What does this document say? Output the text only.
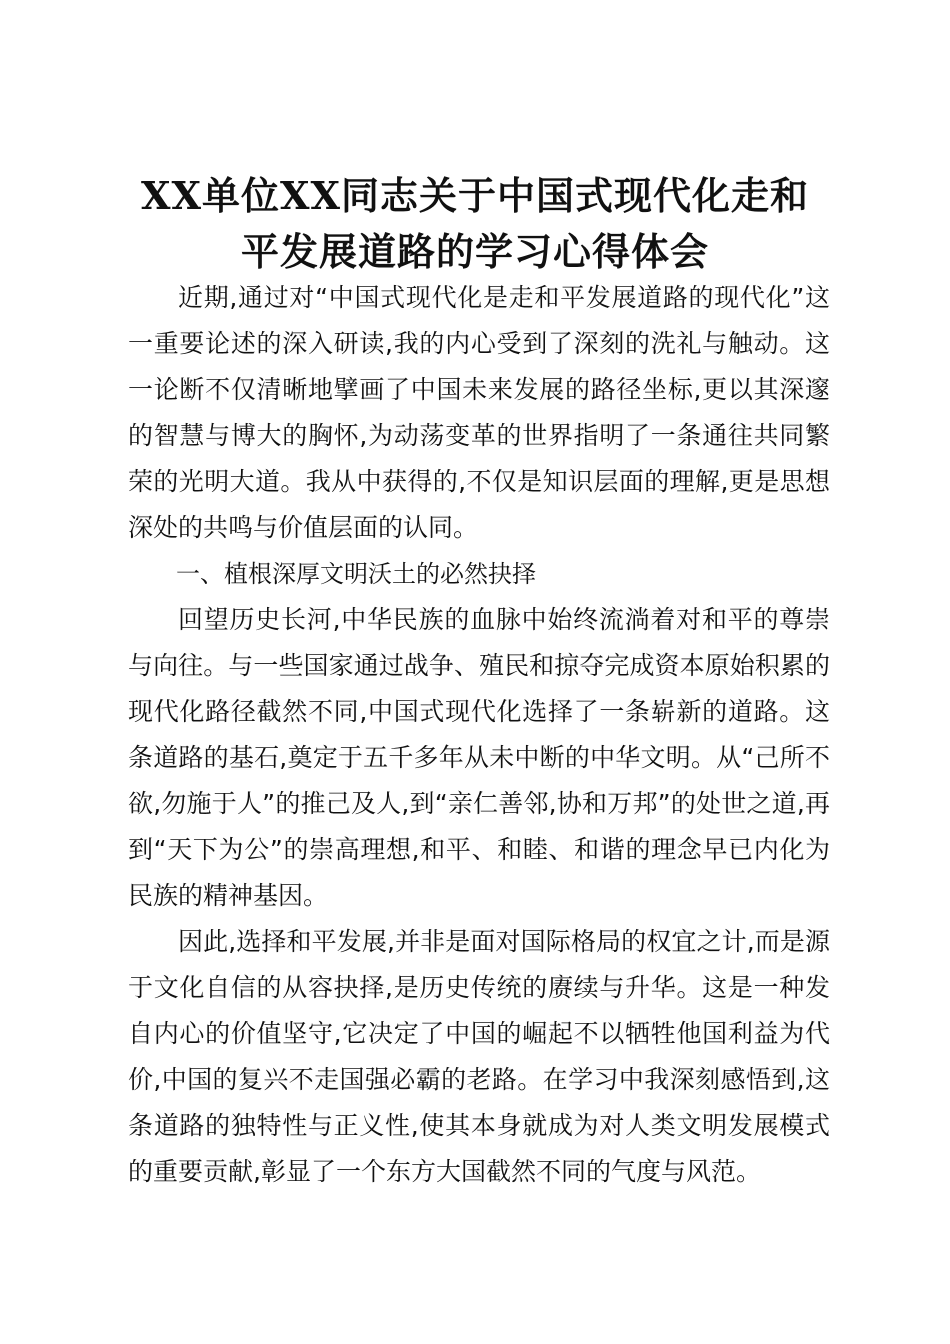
XX单位XX同志关于中国式现代化走和
平发展道路的学习心得体会

近期,通过对“中国式现代化是走和平发展道路的现代化”这一重要论述的深入研读,我的内心受到了深刻的洗礼与触动。这一论断不仅清晰地擘画了中国未来发展的路径坐标,更以其深邃的智慧与博大的胸怀,为动荡变革的世界指明了一条通往共同繁荣的光明大道。我从中获得的,不仅是知识层面的理解,更是思想深处的共鸣与价值层面的认同。

一、植根深厚文明沃土的必然抉择

回望历史长河,中华民族的血脉中始终流淌着对和平的尊崇与向往。与一些国家通过战争、殖民和掠夺完成资本原始积累的现代化路径截然不同,中国式现代化选择了一条崭新的道路。这条道路的基石,奠定于五千多年从未中断的中华文明。从“己所不欲,勿施于人”的推己及人,到“亲仁善邻,协和万邦”的处世之道,再到“天下为公”的崇高理想,和平、和睦、和谐的理念早已内化为民族的精神基因。

因此,选择和平发展,并非是面对国际格局的权宜之计,而是源于文化自信的从容抉择,是历史传统的赓续与升华。这是一种发自内心的价值坚守,它决定了中国的崛起不以牺牲他国利益为代价,中国的复兴不走国强必霸的老路。在学习中我深刻感悟到,这条道路的独特性与正义性,使其本身就成为对人类文明发展模式的重要贡献,彰显了一个东方大国截然不同的气度与风范。
